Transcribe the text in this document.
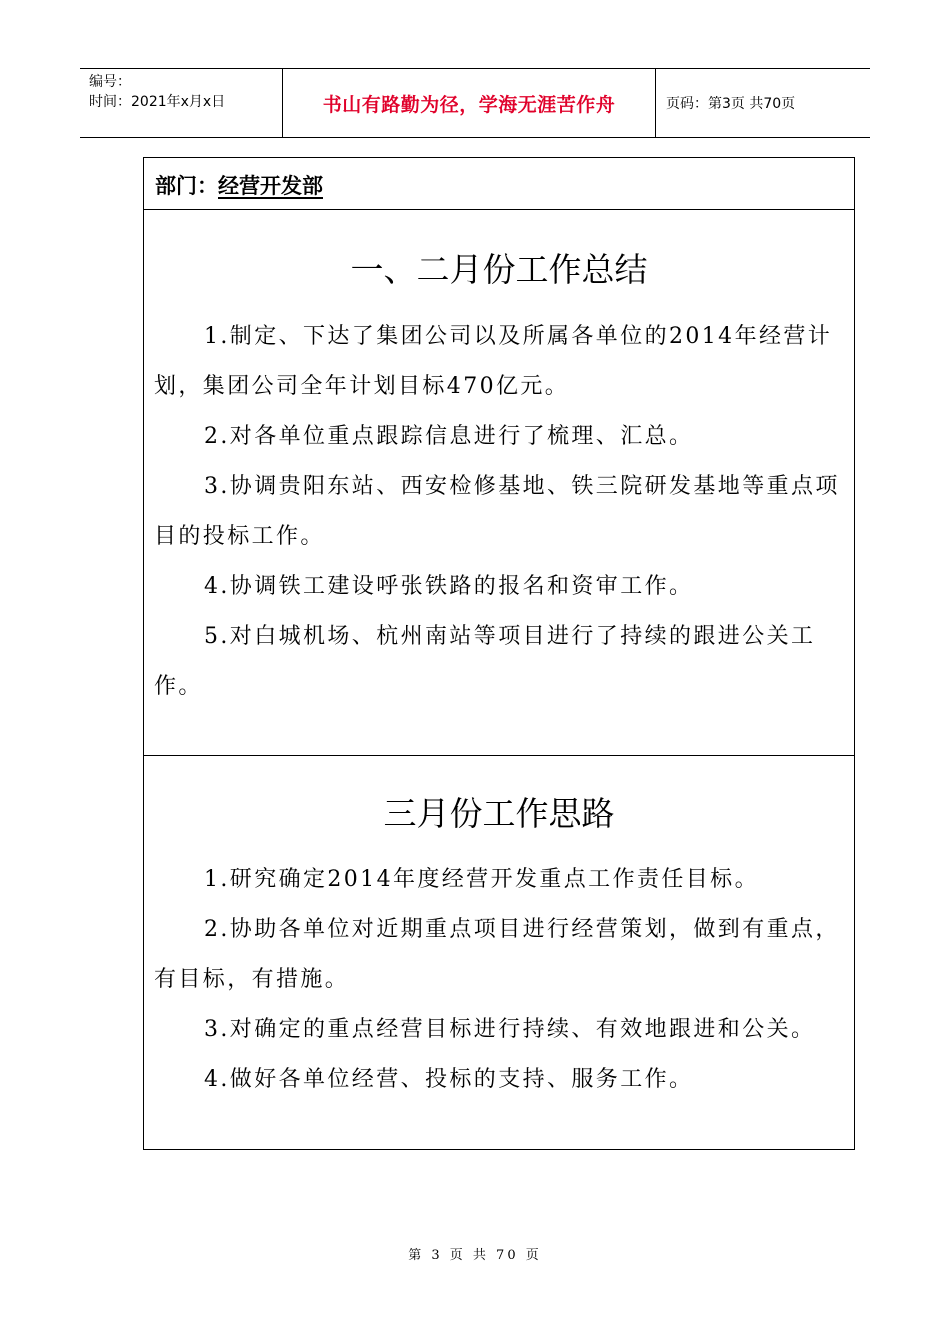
编号：
时间：2021年x月x日	书山有路勤为径，学海无涯苦作舟	页码：第3页 共70页
部门：经营开发部
一、二月份工作总结

1.制定、下达了集团公司以及所属各单位的2014年经营计划，集团公司全年计划目标470亿元。

2.对各单位重点跟踪信息进行了梳理、汇总。

3.协调贵阳东站、西安检修基地、铁三院研发基地等重点项目的投标工作。

4.协调铁工建设呼张铁路的报名和资审工作。

5.对白城机场、杭州南站等项目进行了持续的跟进公关工作。

三月份工作思路

1.研究确定2014年度经营开发重点工作责任目标。

2.协助各单位对近期重点项目进行经营策划，做到有重点，有目标，有措施。

3.对确定的重点经营目标进行持续、有效地跟进和公关。

4.做好各单位经营、投标的支持、服务工作。

第 3 页 共 70 页
